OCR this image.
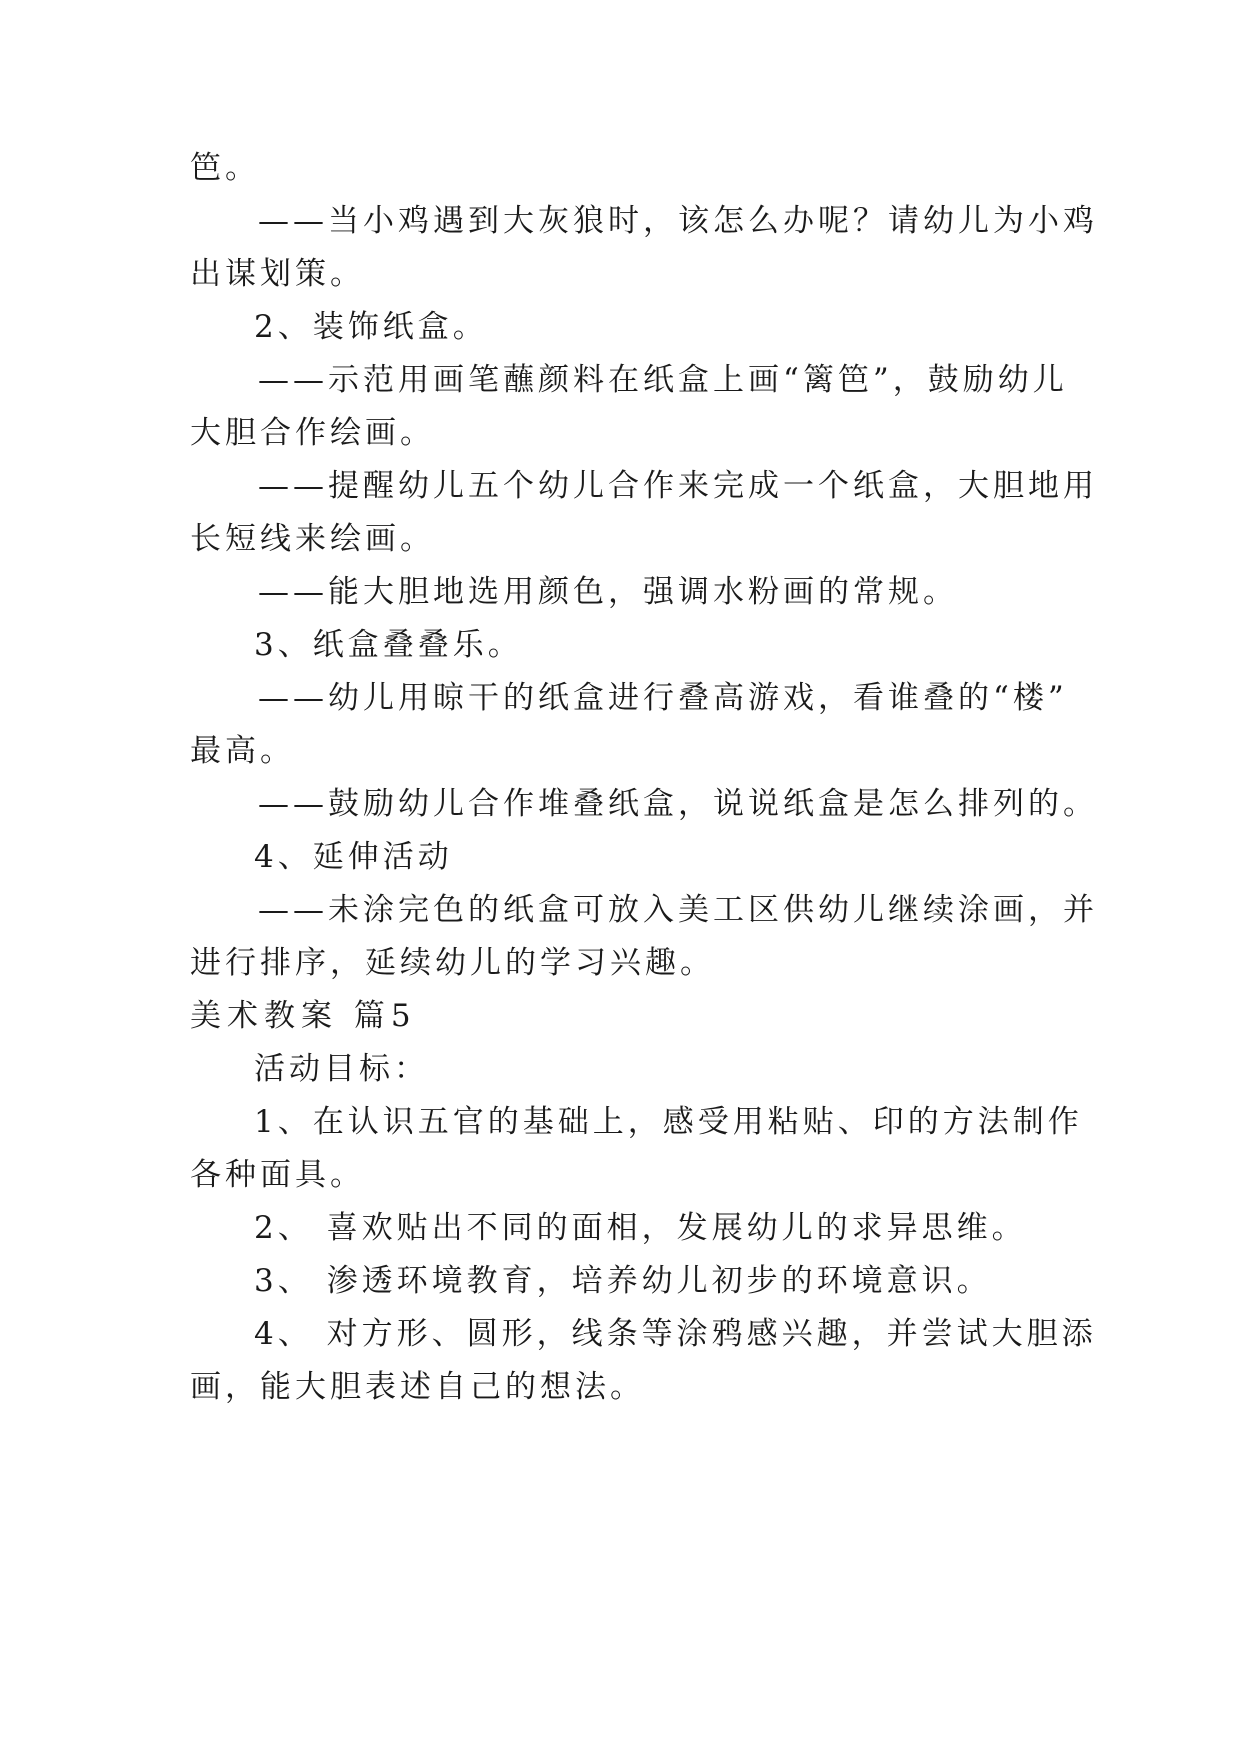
笆。
——当小鸡遇到大灰狼时，该怎么办呢？请幼儿为小鸡
出谋划策。
2、装饰纸盒。
——示范用画笔蘸颜料在纸盒上画“篱笆”，鼓励幼儿
大胆合作绘画。
——提醒幼儿五个幼儿合作来完成一个纸盒，大胆地用
长短线来绘画。
——能大胆地选用颜色，强调水粉画的常规。
3、纸盒叠叠乐。
——幼儿用晾干的纸盒进行叠高游戏，看谁叠的“楼”
最高。
——鼓励幼儿合作堆叠纸盒，说说纸盒是怎么排列的。
4、延伸活动
——未涂完色的纸盒可放入美工区供幼儿继续涂画，并
进行排序，延续幼儿的学习兴趣。
美术教案 篇5
活动目标：
1、在认识五官的基础上，感受用粘贴、印的方法制作
各种面具。
2、 喜欢贴出不同的面相，发展幼儿的求异思维。
3、 渗透环境教育，培养幼儿初步的环境意识。
4、 对方形、圆形，线条等涂鸦感兴趣，并尝试大胆添
画，能大胆表述自己的想法。
